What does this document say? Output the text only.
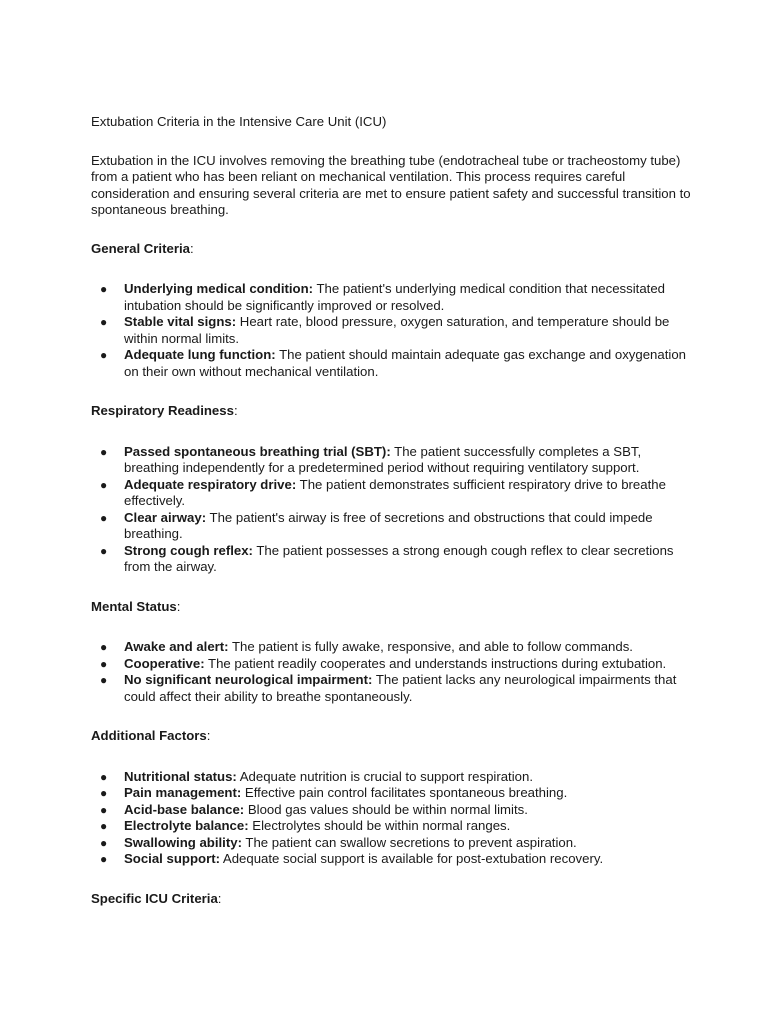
Extubation Criteria in the Intensive Care Unit (ICU)

Extubation in the ICU involves removing the breathing tube (endotracheal tube or tracheostomy tube) from a patient who has been reliant on mechanical ventilation. This process requires careful consideration and ensuring several criteria are met to ensure patient safety and successful transition to spontaneous breathing.

General Criteria:

● Underlying medical condition: The patient's underlying medical condition that necessitated intubation should be significantly improved or resolved.
● Stable vital signs: Heart rate, blood pressure, oxygen saturation, and temperature should be within normal limits.
● Adequate lung function: The patient should maintain adequate gas exchange and oxygenation on their own without mechanical ventilation.

Respiratory Readiness:

● Passed spontaneous breathing trial (SBT): The patient successfully completes a SBT, breathing independently for a predetermined period without requiring ventilatory support.
● Adequate respiratory drive: The patient demonstrates sufficient respiratory drive to breathe effectively.
● Clear airway: The patient's airway is free of secretions and obstructions that could impede breathing.
● Strong cough reflex: The patient possesses a strong enough cough reflex to clear secretions from the airway.

Mental Status:

● Awake and alert: The patient is fully awake, responsive, and able to follow commands.
● Cooperative: The patient readily cooperates and understands instructions during extubation.
● No significant neurological impairment: The patient lacks any neurological impairments that could affect their ability to breathe spontaneously.

Additional Factors:

● Nutritional status: Adequate nutrition is crucial to support respiration.
● Pain management: Effective pain control facilitates spontaneous breathing.
● Acid-base balance: Blood gas values should be within normal limits.
● Electrolyte balance: Electrolytes should be within normal ranges.
● Swallowing ability: The patient can swallow secretions to prevent aspiration.
● Social support: Adequate social support is available for post-extubation recovery.

Specific ICU Criteria:
